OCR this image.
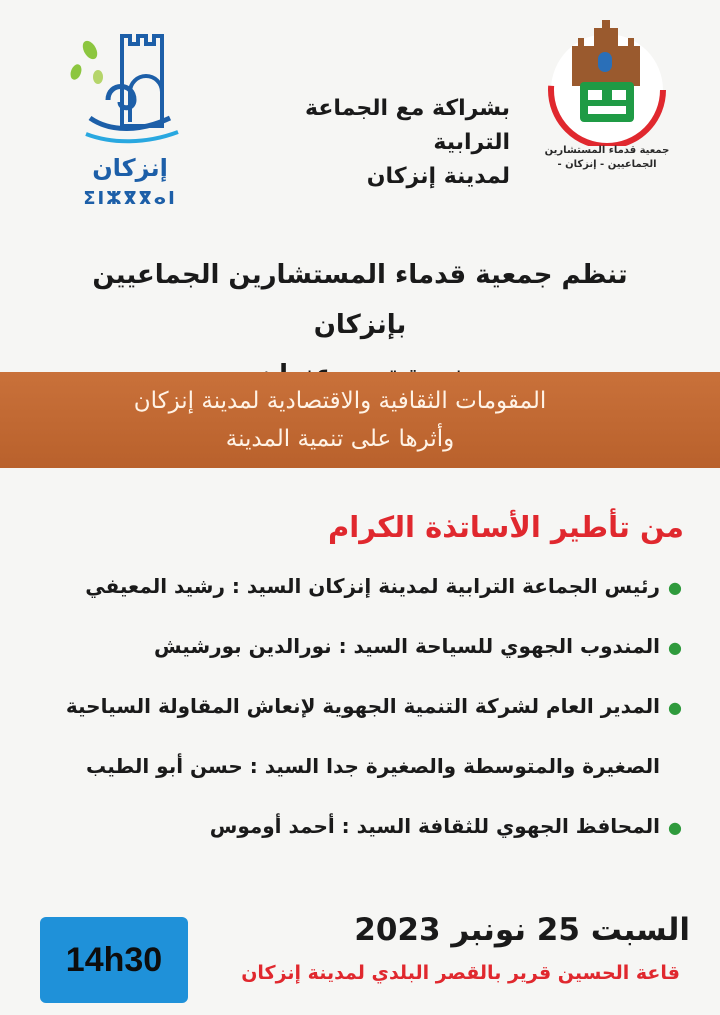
إنزكان
ⵉⵏⵣⴳⴳⴰⵏ
جمعية قدماء المستشارين
الجماعيين - إنزكان -
بشراكة مع الجماعة الترابية
لمدينة إنزكان
تنظم جمعية قدماء المستشارين الجماعيين بإنزكان
المقومات الثقافية والاقتصادية لمدينة إنزكان
وأثرها على تنمية المدينة
من تأطير الأساتذة الكرام
●
رئيس الجماعة الترابية لمدينة إنزكان السيد : رشيد المعيفي
●
المندوب الجهوي للسياحة السيد : نورالدين بورشيش
●
المدير العام لشركة التنمية الجهوية لإنعاش المقاولة السياحية
الصغيرة والمتوسطة والصغيرة جدا السيد : حسن أبو الطيب
●
المحافظ الجهوي للثقافة السيد : أحمد أوموس
السبت 25 نونبر 2023
قاعة الحسين قرير بالقصر البلدي لمدينة إنزكان
14h30
